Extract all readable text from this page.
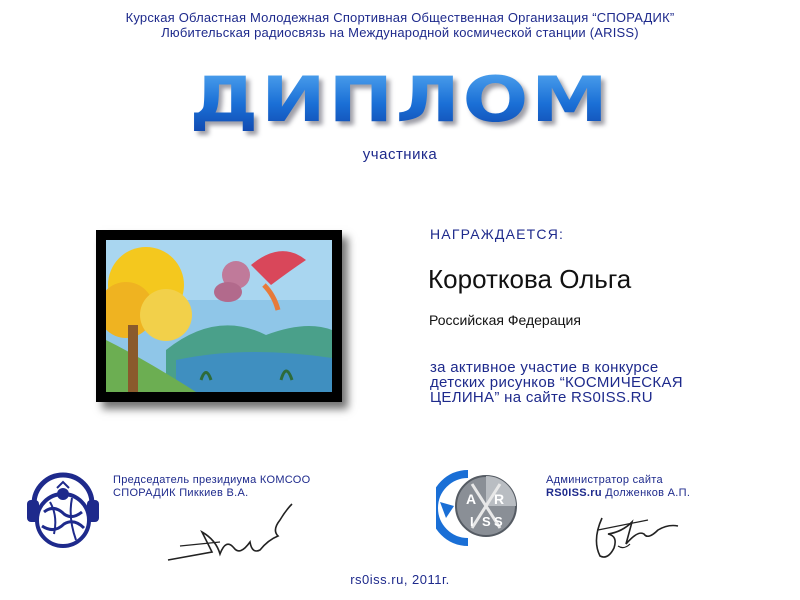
Курская Областная Молодежная Спортивная Общественная Организация “СПОРАДИК”
Любительская радиосвязь на Международной космической станции (ARISS)
ДИПЛОМ
участника
НАГРАЖДАЕТСЯ:
Короткова Ольга
Российская Федерация
за активное участие в конкурсе
детских рисунков “КОСМИЧЕСКАЯ
ЦЕЛИНА” на сайте RS0ISS.RU
Председатель президиума КОМСОО
СПОРАДИК Пиккиев В.А.	A R
I S S
Администратор сайта
RS0ISS.ru Долженков А.П.
rs0iss.ru, 2011г.
